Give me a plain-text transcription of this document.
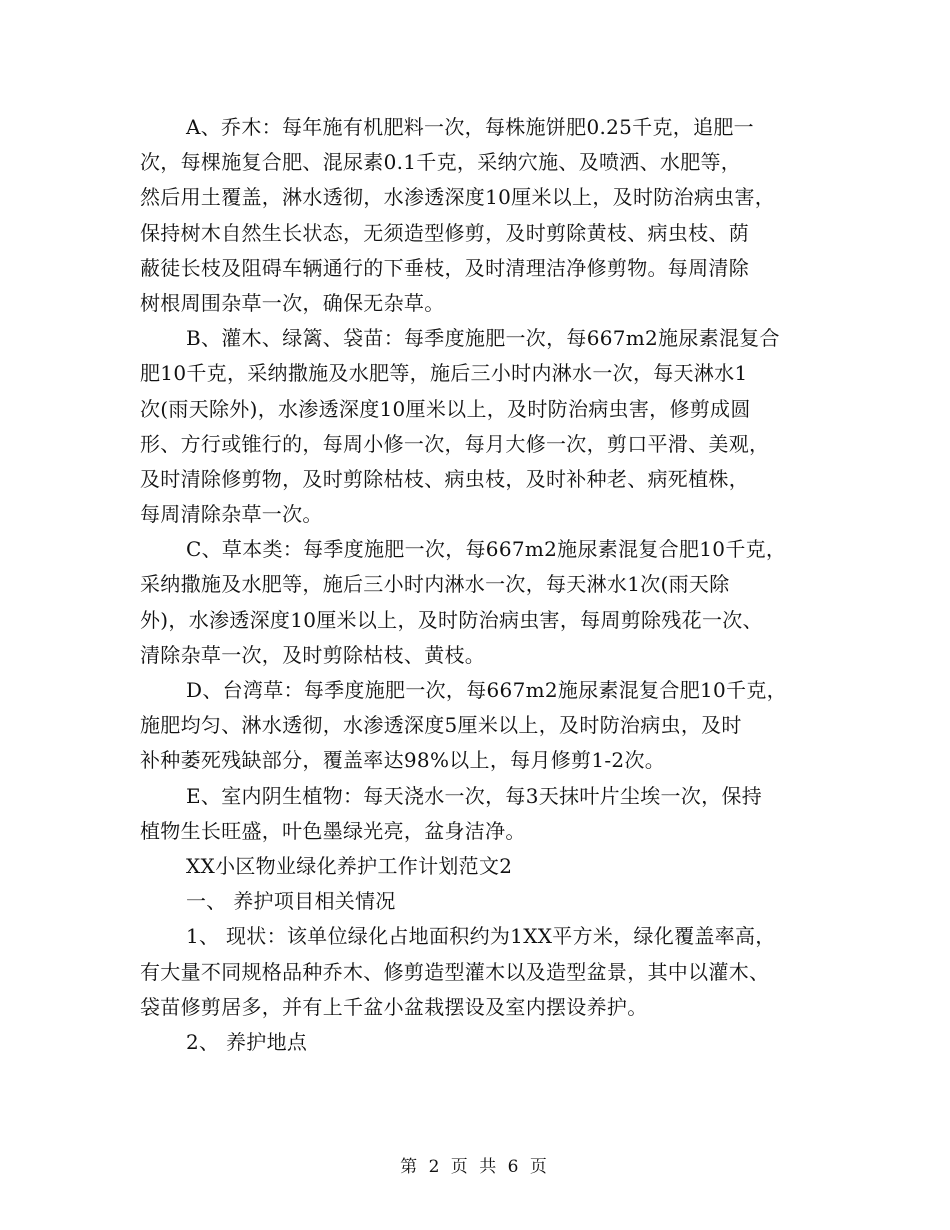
A、乔木：每年施有机肥料一次，每株施饼肥0.25千克，追肥一
次，每棵施复合肥、混尿素0.1千克，采纳穴施、及喷洒、水肥等，
然后用土覆盖，淋水透彻，水渗透深度10厘米以上，及时防治病虫害，
保持树木自然生长状态，无须造型修剪，及时剪除黄枝、病虫枝、荫
蔽徒长枝及阻碍车辆通行的下垂枝，及时清理洁净修剪物。每周清除
树根周围杂草一次，确保无杂草。
B、灌木、绿篱、袋苗：每季度施肥一次，每667m2施尿素混复合
肥10千克，采纳撒施及水肥等，施后三小时内淋水一次，每天淋水1
次(雨天除外)，水渗透深度10厘米以上，及时防治病虫害，修剪成圆
形、方行或锥行的，每周小修一次，每月大修一次，剪口平滑、美观，
及时清除修剪物，及时剪除枯枝、病虫枝，及时补种老、病死植株，
每周清除杂草一次。
C、草本类：每季度施肥一次，每667m2施尿素混复合肥10千克，
采纳撒施及水肥等，施后三小时内淋水一次，每天淋水1次(雨天除
外)，水渗透深度10厘米以上，及时防治病虫害，每周剪除残花一次、
清除杂草一次，及时剪除枯枝、黄枝。
D、台湾草：每季度施肥一次，每667m2施尿素混复合肥10千克，
施肥均匀、淋水透彻，水渗透深度5厘米以上，及时防治病虫，及时
补种萎死残缺部分，覆盖率达98%以上，每月修剪1-2次。
E、室内阴生植物：每天浇水一次，每3天抹叶片尘埃一次，保持
植物生长旺盛，叶色墨绿光亮，盆身洁净。
XX小区物业绿化养护工作计划范文2
一、 养护项目相关情况
1、 现状：该单位绿化占地面积约为1XX平方米，绿化覆盖率高，
有大量不同规格品种乔木、修剪造型灌木以及造型盆景，其中以灌木、
袋苗修剪居多，并有上千盆小盆栽摆设及室内摆设养护。
2、 养护地点
第 2 页 共 6 页
